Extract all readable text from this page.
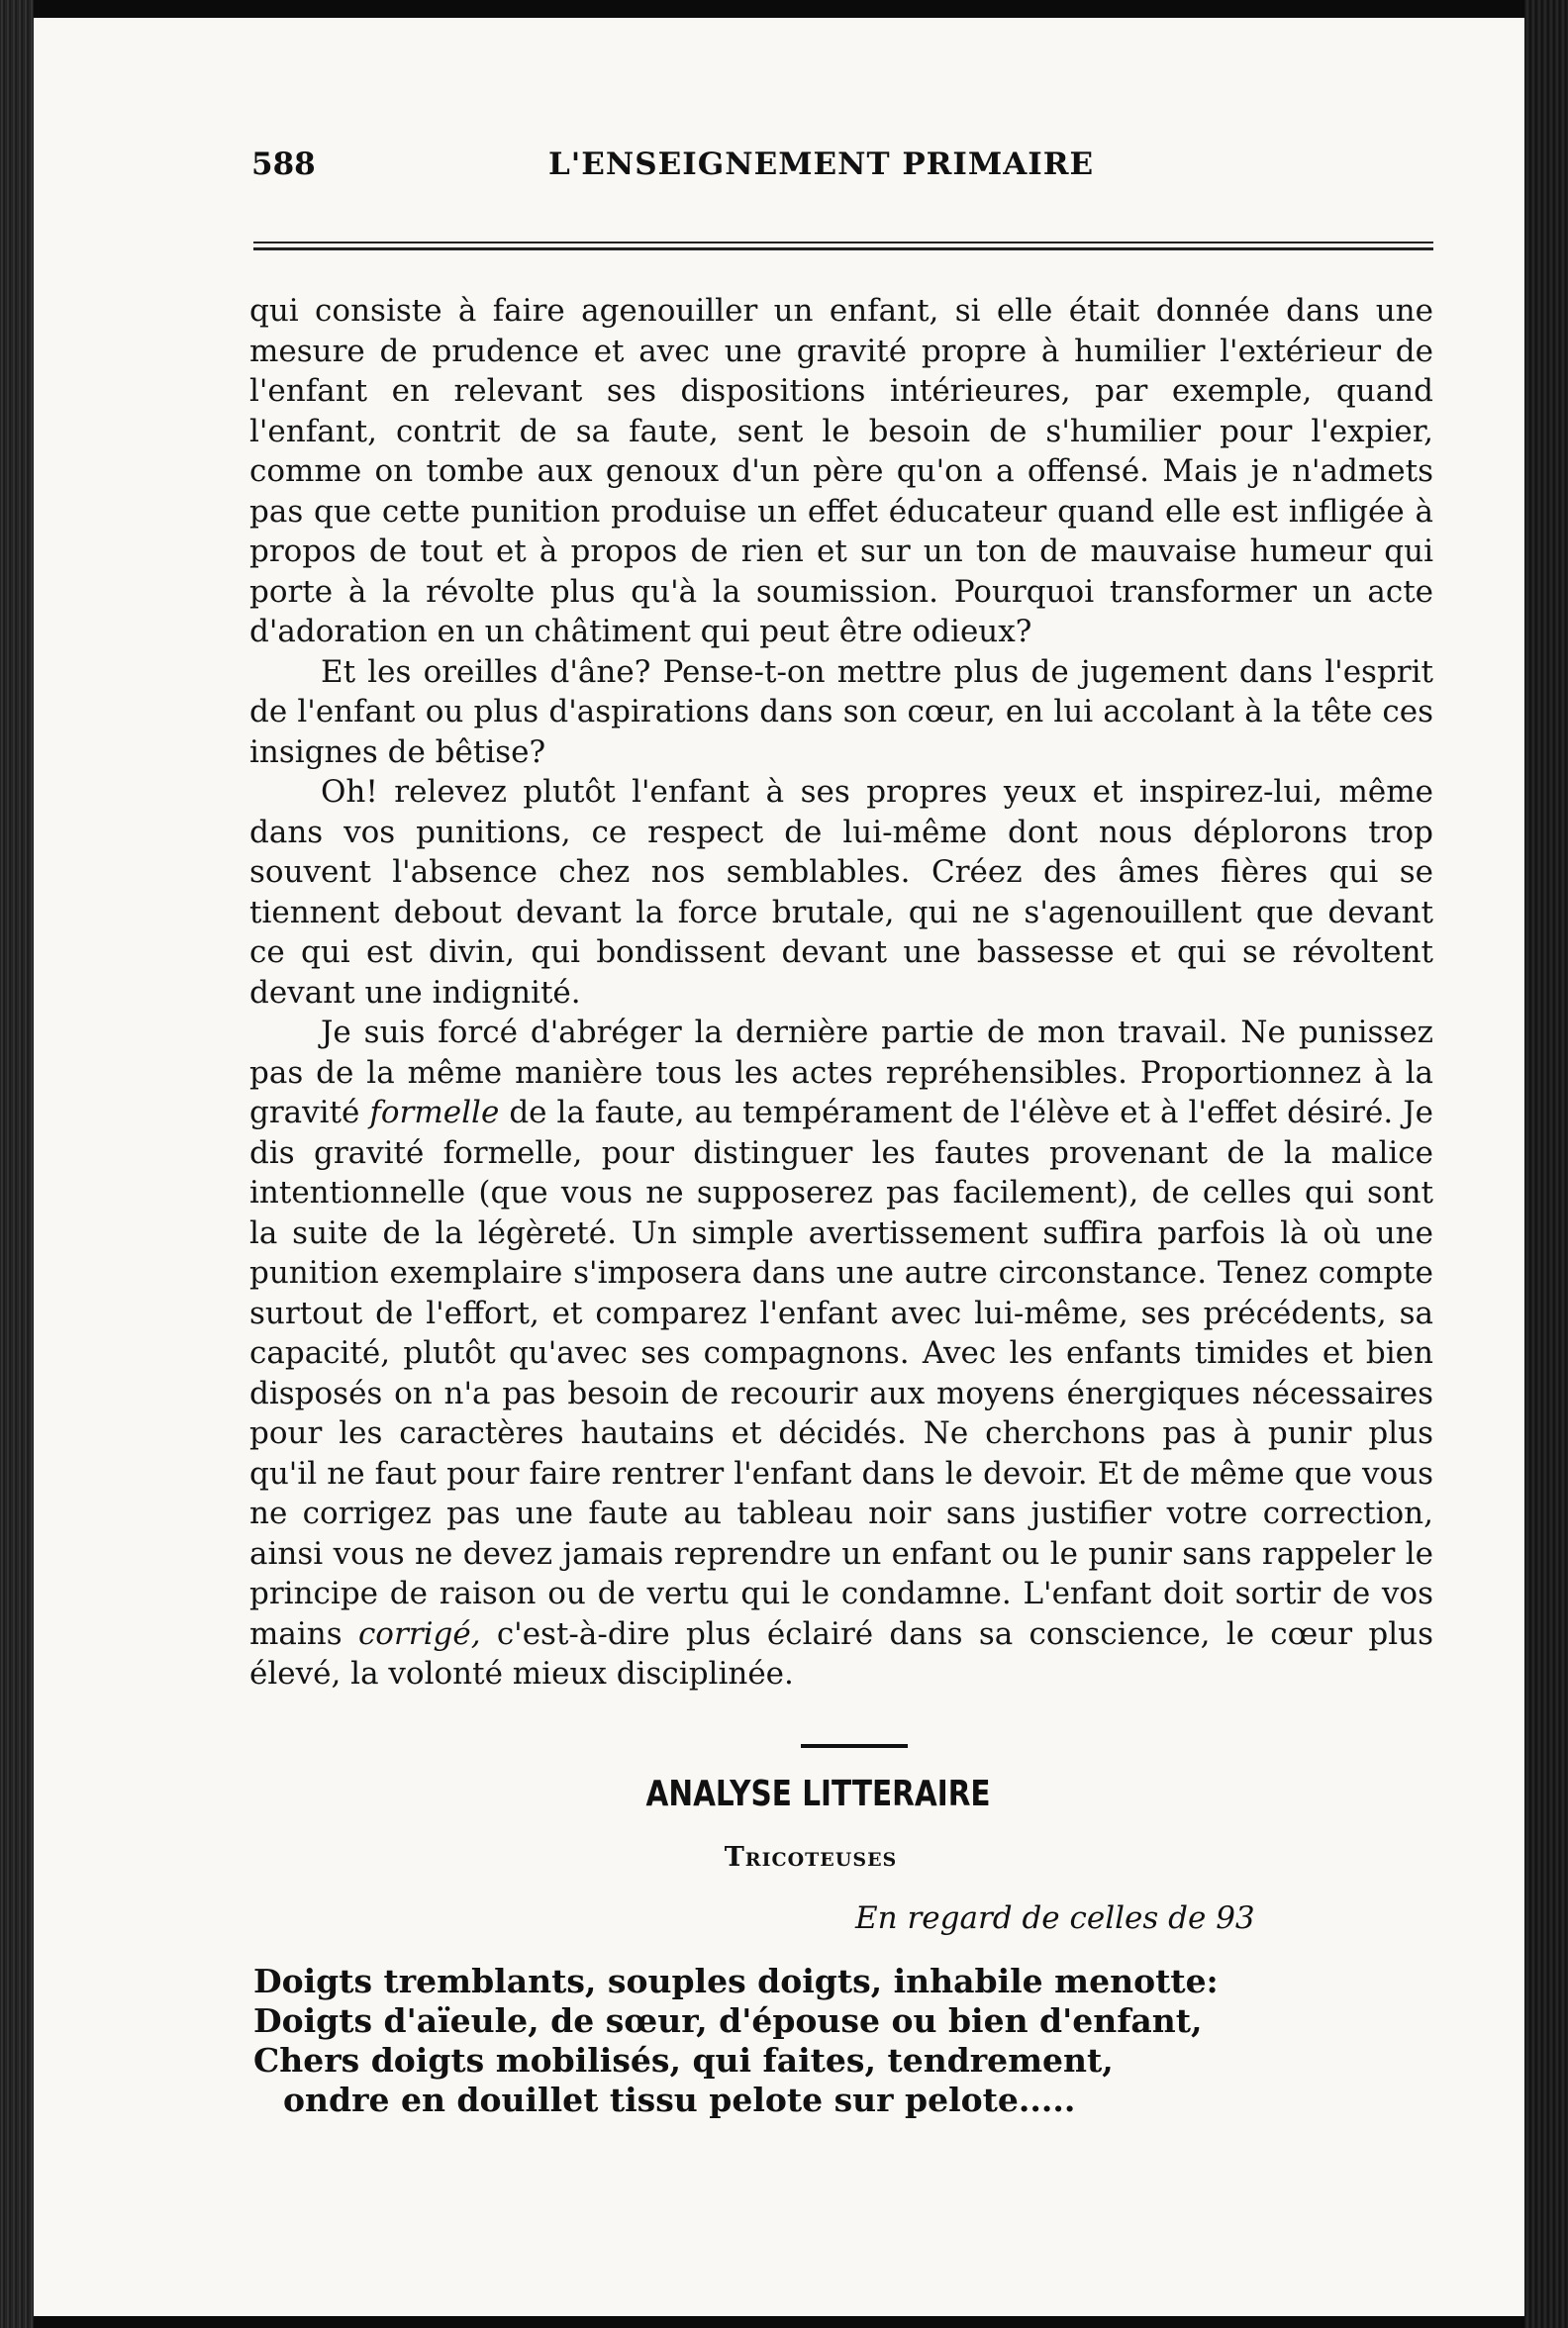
588	L'ENSEIGNEMENT PRIMAIRE

qui consiste à faire agenouiller un enfant, si elle était donnée dans une mesure de prudence et avec une gravité propre à humilier l'extérieur de l'enfant en relevant ses dispositions intérieures, par exemple, quand l'enfant, contrit de sa faute, sent le besoin de s'humilier pour l'expier, comme on tombe aux genoux d'un père qu'on a offensé. Mais je n'admets pas que cette punition produise un effet éducateur quand elle est infligée à propos de tout et à propos de rien et sur un ton de mauvaise humeur qui porte à la révolte plus qu'à la soumission. Pourquoi transformer un acte d'adoration en un châtiment qui peut être odieux?

Et les oreilles d'âne? Pense-t-on mettre plus de jugement dans l'esprit de l'enfant ou plus d'aspirations dans son cœur, en lui accolant à la tête ces insignes de bêtise?

Oh! relevez plutôt l'enfant à ses propres yeux et inspirez-lui, même dans vos punitions, ce respect de lui-même dont nous déplorons trop souvent l'absence chez nos semblables. Créez des âmes fières qui se tiennent debout devant la force brutale, qui ne s'agenouillent que devant ce qui est divin, qui bondissent devant une bassesse et qui se révoltent devant une indignité.

Je suis forcé d'abréger la dernière partie de mon travail. Ne punissez pas de la même manière tous les actes repréhensibles. Proportionnez à la gravité formelle de la faute, au tempérament de l'élève et à l'effet désiré. Je dis gravité formelle, pour distinguer les fautes provenant de la malice intentionnelle (que vous ne supposerez pas facilement), de celles qui sont la suite de la légèreté. Un simple avertissement suffira parfois là où une punition exemplaire s'imposera dans une autre circonstance. Tenez compte surtout de l'effort, et comparez l'enfant avec lui-même, ses précédents, sa capacité, plutôt qu'avec ses compagnons. Avec les enfants timides et bien disposés on n'a pas besoin de recourir aux moyens énergiques nécessaires pour les caractères hautains et décidés. Ne cherchons pas à punir plus qu'il ne faut pour faire rentrer l'enfant dans le devoir. Et de même que vous ne corrigez pas une faute au tableau noir sans justifier votre correction, ainsi vous ne devez jamais reprendre un enfant ou le punir sans rappeler le principe de raison ou de vertu qui le condamne. L'enfant doit sortir de vos mains corrigé, c'est-à-dire plus éclairé dans sa conscience, le cœur plus élevé, la volonté mieux disciplinée.

ANALYSE LITTERAIRE
Tricoteuses
En regard de celles de 93
Doigts tremblants, souples doigts, inhabile menotte:
Doigts d'aïeule, de sœur, d'épouse ou bien d'enfant,
Chers doigts mobilisés, qui faites, tendrement,
ondre en douillet tissu pelote sur pelote.....
